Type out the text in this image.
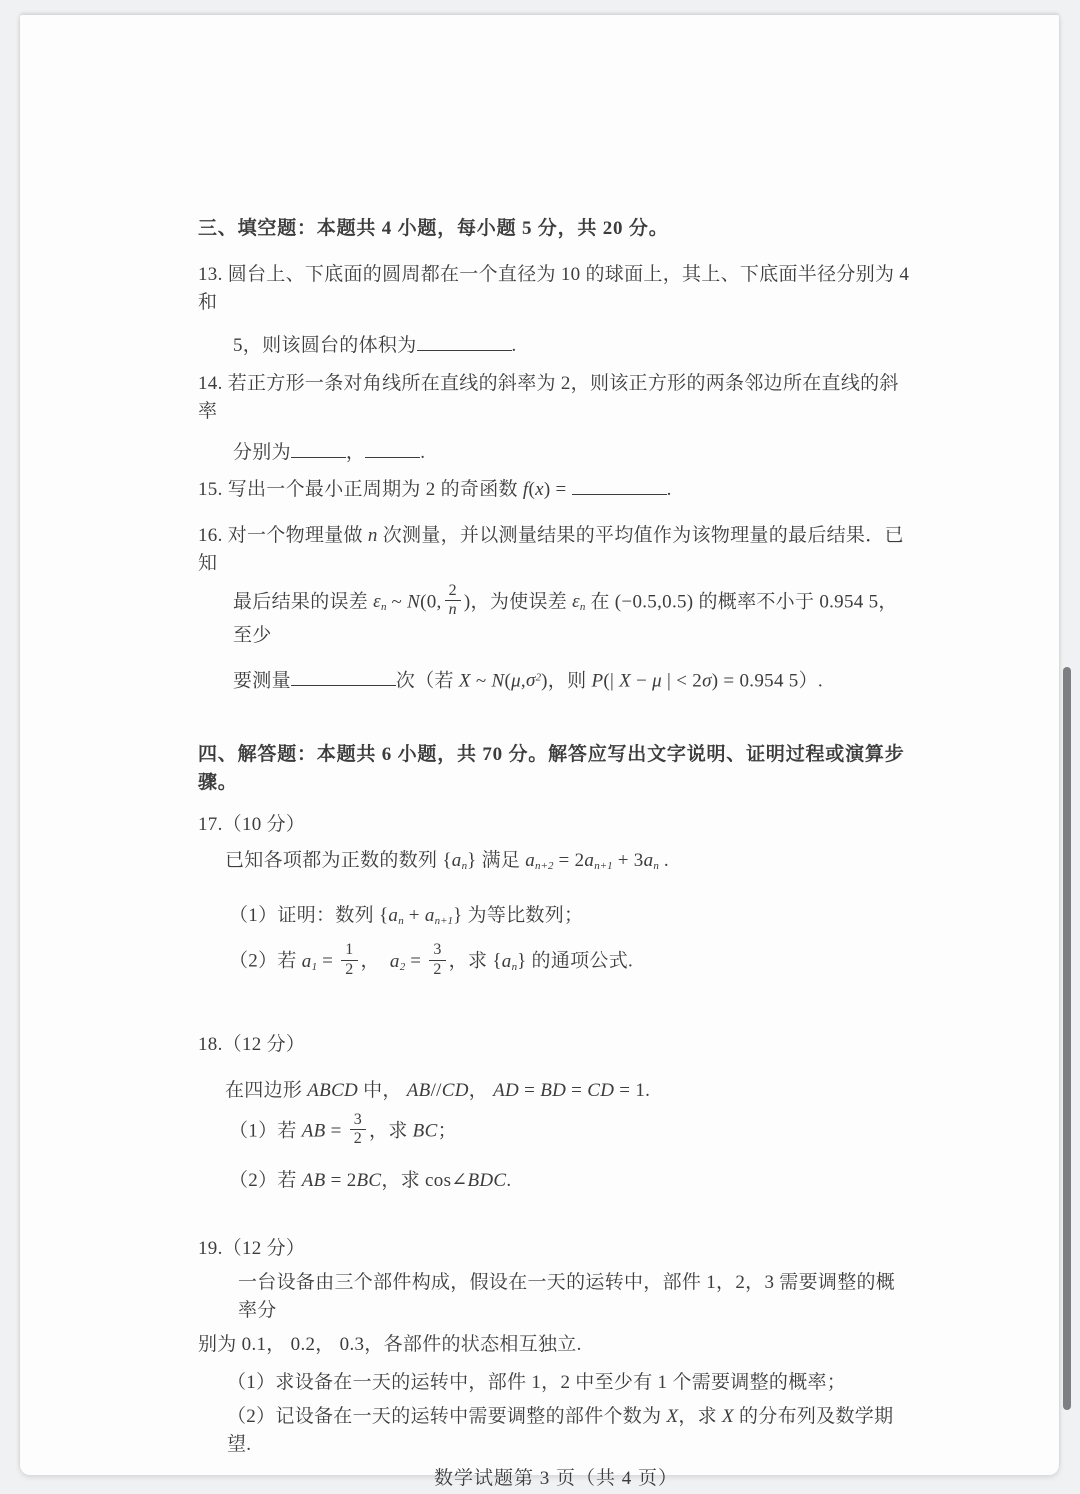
三、填空题：本题共 4 小题，每小题 5 分，共 20 分。
13. 圆台上、下底面的圆周都在一个直径为 10 的球面上，其上、下底面半径分别为 4 和
5，则该圆台的体积为	.
14. 若正方形一条对角线所在直线的斜率为 2，则该正方形的两条邻边所在直线的斜率
分别为	，	.
15. 写出一个最小正周期为 2 的奇函数 f(x) =	.
16. 对一个物理量做 n 次测量，并以测量结果的平均值作为该物理量的最后结果．已知
最后结果的误差 εn ~ N(0, $\frac{2}{n}$ )，为使误差 εn 在 (−0.5,0.5) 的概率不小于 0.954 5，至少
要测量	次（若 X ~ $N(\mu,\sigma^2)$，则 P(| X − μ | < 2σ) = 0.954 5）.
四、解答题：本题共 6 小题，共 70 分。解答应写出文字说明、证明过程或演算步骤。
17.（10 分）
已知各项都为正数的数列 {an} 满足 an+2 = 2an+1 + 3an .
（1）证明：数列 {an + an+1} 为等比数列；
（2）若 $a1 = \frac{1}{2}$ ，  $a2 = \frac{3}{2}$ ，求 {an} 的通项公式.
18.（12 分）
在四边形 ABCD 中， AB//CD， AD = BD = CD = 1.
（1）若 AB = $\frac{3}{2}$ ，求 BC；
（2）若 AB = 2BC，求 cos∠BDC.
19.（12 分）
一台设备由三个部件构成，假设在一天的运转中，部件 1，2，3 需要调整的概率分
别为 0.1， 0.2， 0.3，各部件的状态相互独立.
（1）求设备在一天的运转中，部件 1，2 中至少有 1 个需要调整的概率；
（2）记设备在一天的运转中需要调整的部件个数为 X，求 X 的分布列及数学期望.
数学试题第 3 页（共 4 页）
